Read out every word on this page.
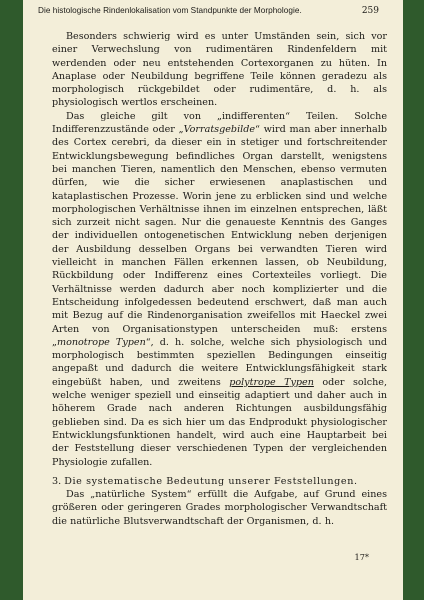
Die histologische Rindenlokalisation vom Standpunkte der Morphologie.	259

Besonders schwierig wird es unter Umständen sein, sich vor einer Verwechslung von rudimentären Rindenfeldern mit werdenden oder neu entstehenden Cortexorganen zu hüten. In Anaplase oder Neubildung begriffene Teile können geradezu als morphologisch rückgebildet oder rudimentäre, d. h. als physiologisch wertlos erscheinen.

Das gleiche gilt von „indifferenten“ Teilen. Solche Indifferenzzustände oder „Vorratsgebilde“ wird man aber innerhalb des Cortex cerebri, da dieser ein in stetiger und fortschreitender Entwicklungsbewegung befindliches Organ darstellt, wenigstens bei manchen Tieren, namentlich den Menschen, ebenso vermuten dürfen, wie die sicher erwiesenen anaplastischen und kataplastischen Prozesse. Worin jene zu erblicken sind und welche morphologischen Verhältnisse ihnen im einzelnen entsprechen, läßt sich zurzeit nicht sagen. Nur die genaueste Kenntnis des Ganges der individuellen ontogenetischen Entwicklung neben derjenigen der Ausbildung desselben Organs bei verwandten Tieren wird vielleicht in manchen Fällen erkennen lassen, ob Neubildung, Rückbildung oder Indifferenz eines Cortexteiles vorliegt. Die Verhältnisse werden dadurch aber noch komplizierter und die Entscheidung infolgedessen bedeutend erschwert, daß man auch mit Bezug auf die Rindenorganisation zweifellos mit Haeckel zwei Arten von Organisationstypen unterscheiden muß: erstens „monotrope Typen“, d. h. solche, welche sich physiologisch und morphologisch bestimmten speziellen Bedingungen einseitig angepaßt und dadurch die weitere Entwicklungsfähigkeit stark eingebüßt haben, und zweitens polytrope Typen oder solche, welche weniger speziell und einseitig adaptiert und daher auch in höherem Grade nach anderen Richtungen ausbildungsfähig geblieben sind. Da es sich hier um das Endprodukt physiologischer Entwicklungsfunktionen handelt, wird auch eine Hauptarbeit bei der Feststellung dieser verschiedenen Typen der vergleichenden Physiologie zufallen.

3. Die systematische Bedeutung unserer Feststellungen.

Das „natürliche System“ erfüllt die Aufgabe, auf Grund eines größeren oder geringeren Grades morphologischer Verwandtschaft die natürliche Blutsverwandtschaft der Organismen, d. h.

17*
